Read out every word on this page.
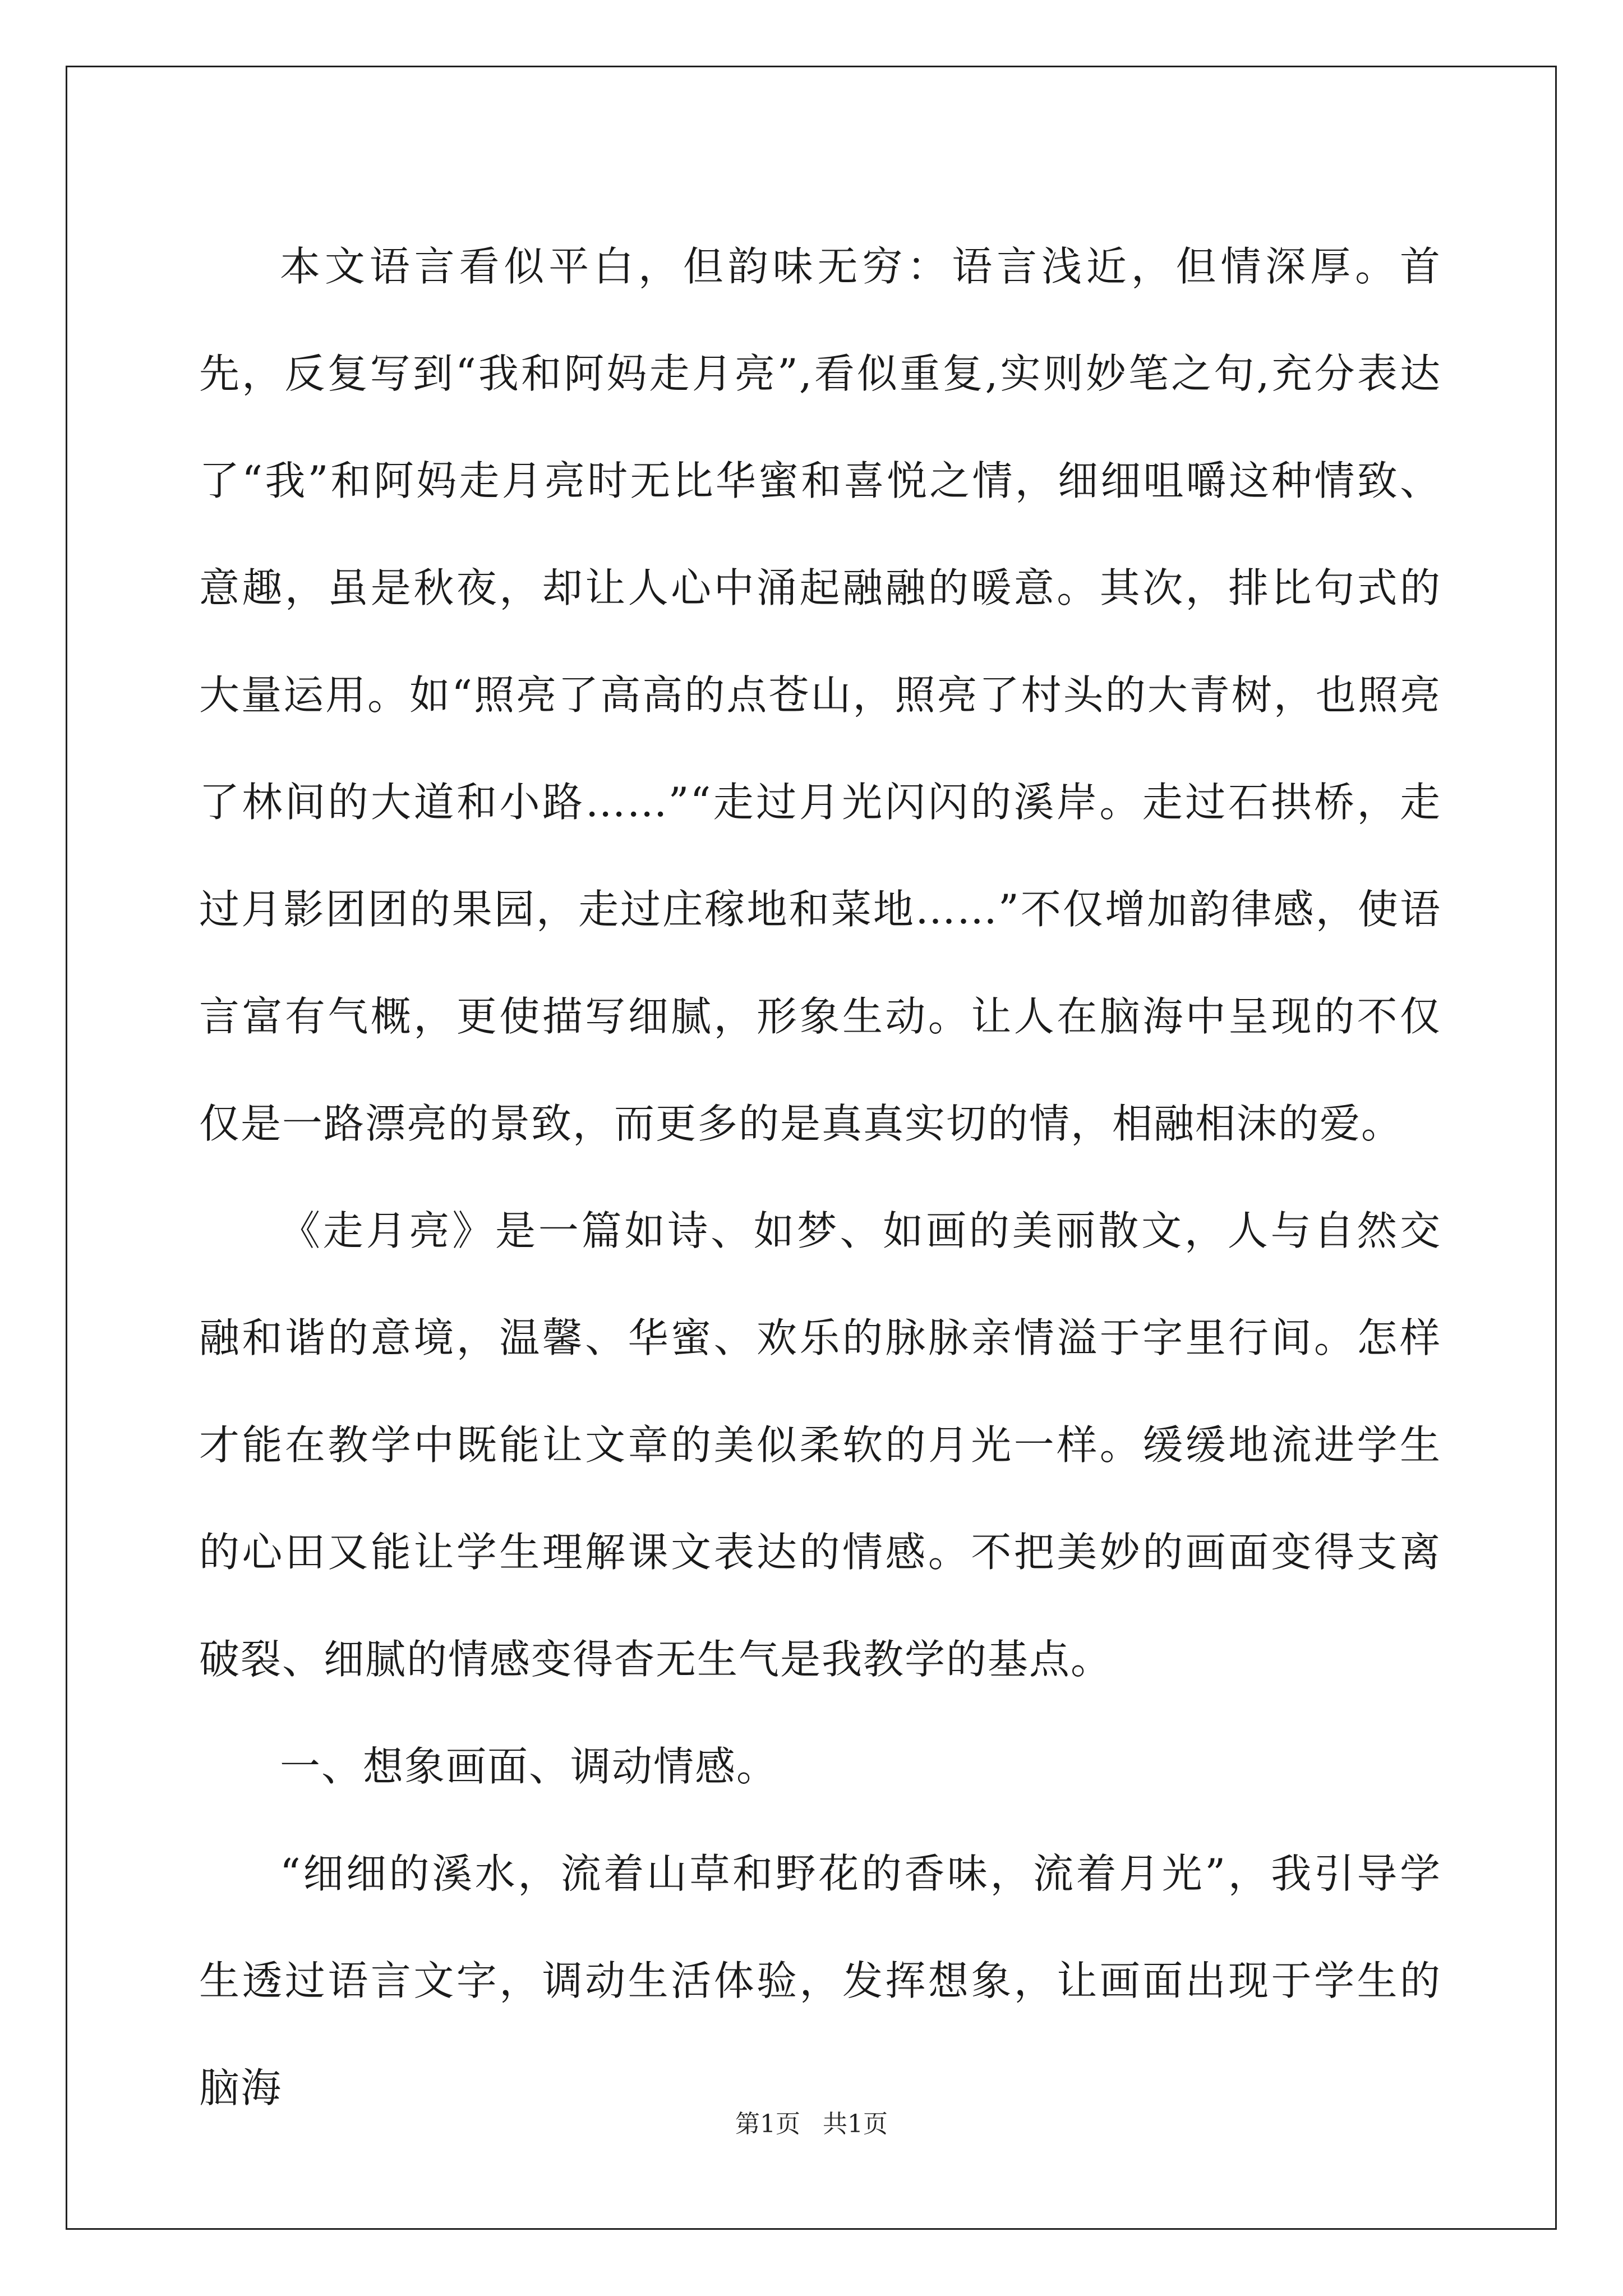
本文语言看似平白，但韵味无穷：语言浅近，但情深厚。首先，反复写到“我和阿妈走月亮”,看似重复,实则妙笔之句,充分表达了“我”和阿妈走月亮时无比华蜜和喜悦之情，细细咀嚼这种情致、意趣，虽是秋夜，却让人心中涌起融融的暖意。其次，排比句式的大量运用。如“照亮了高高的点苍山，照亮了村头的大青树，也照亮了林间的大道和小路……”“走过月光闪闪的溪岸。走过石拱桥，走过月影团团的果园，走过庄稼地和菜地……”不仅增加韵律感，使语言富有气概，更使描写细腻，形象生动。让人在脑海中呈现的不仅仅是一路漂亮的景致，而更多的是真真实切的情，相融相沫的爱。

《走月亮》是一篇如诗、如梦、如画的美丽散文，人与自然交融和谐的意境，温馨、华蜜、欢乐的脉脉亲情溢于字里行间。怎样才能在教学中既能让文章的美似柔软的月光一样。缓缓地流进学生的心田又能让学生理解课文表达的情感。不把美妙的画面变得支离破裂、细腻的情感变得杳无生气是我教学的基点。

一、想象画面、调动情感。

“细细的溪水，流着山草和野花的香味，流着月光”，我引导学生透过语言文字，调动生活体验，发挥想象，让画面出现于学生的脑海

第1页 共1页
